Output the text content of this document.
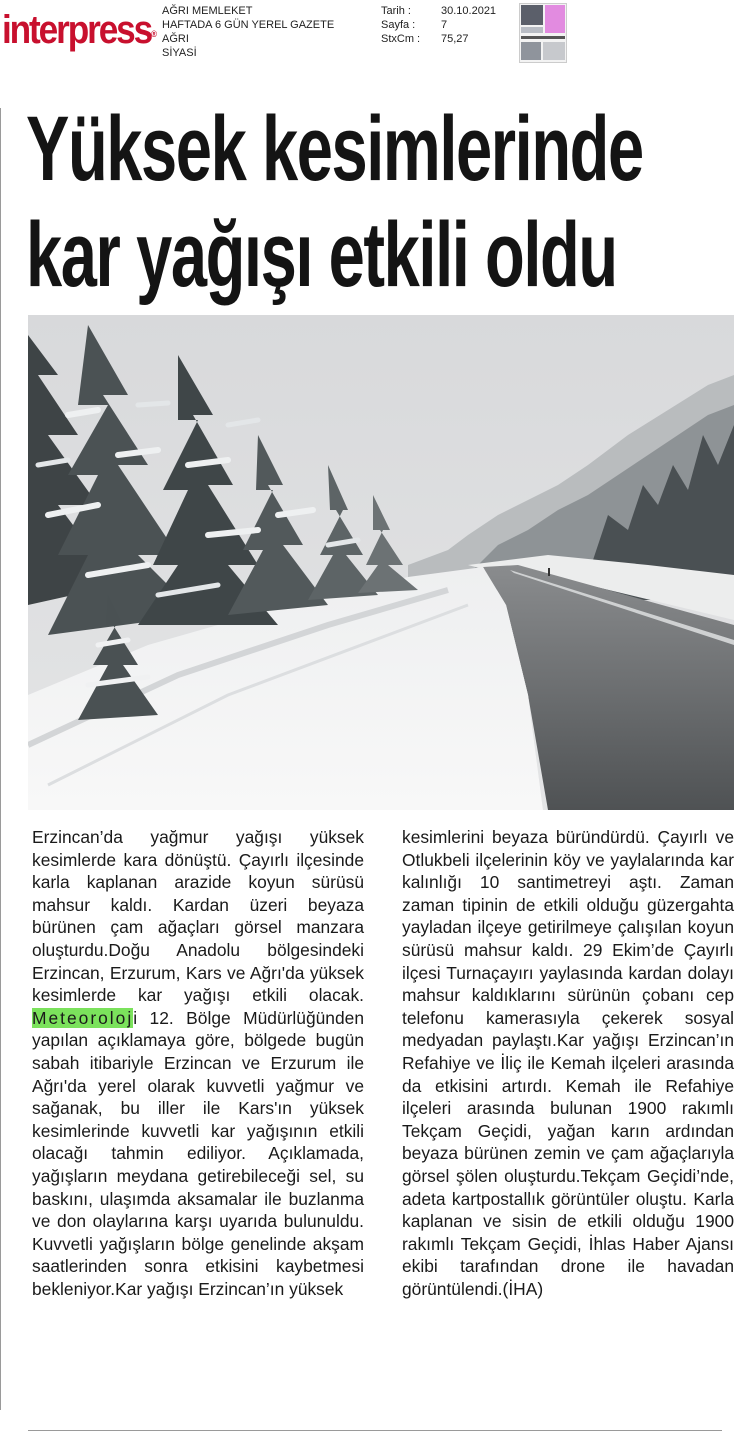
interpress®
AĞRI MEMLEKET
HAFTADA 6 GÜN YEREL GAZETE
AĞRI
SİYASİ
Tarih :	30.10.2021
Sayfa :	7
StxCm :	75,27
Yüksek kesimlerinde
kar yağışı etkili oldu

Erzincan’da yağmur yağışı yüksek kesimlerde kara dönüştü. Çayırlı ilçesinde karla kaplanan arazide koyun sürüsü mahsur kaldı. Kardan üzeri beyaza bürünen çam ağaçları görsel manzara oluşturdu.Doğu Anadolu bölgesindeki Erzincan, Erzurum, Kars ve Ağrı'da yüksek kesimlerde kar yağışı etkili olacak. Meteoroloji 12. Bölge Müdürlüğünden yapılan açıklamaya göre, bölgede bugün sabah itibariyle Erzincan ve Erzurum ile Ağrı'da yerel olarak kuvvetli yağmur ve sağanak, bu iller ile Kars'ın yüksek kesimlerinde kuvvetli kar yağışının etkili olacağı tahmin ediliyor. Açıklamada, yağışların meydana getirebileceği sel, su baskını, ulaşımda aksamalar ile buzlanma ve don olaylarına karşı uyarıda bulunuldu. Kuvvetli yağışların bölge genelinde akşam saatlerinden sonra etkisini kaybetmesi bekleniyor.Kar yağışı Erzincan’ın yüksek

kesimlerini beyaza büründürdü. Çayırlı ve Otlukbeli ilçelerinin köy ve yaylalarında kar kalınlığı 10 santimetreyi aştı. Zaman zaman tipinin de etkili olduğu güzergahta yayladan ilçeye getirilmeye çalışılan koyun sürüsü mahsur kaldı. 29 Ekim’de Çayırlı ilçesi Turnaçayırı yaylasında kardan dolayı mahsur kaldıklarını sürünün çobanı cep telefonu kamerasıyla çekerek sosyal medyadan paylaştı.Kar yağışı Erzincan’ın Refahiye ve İliç ile Kemah ilçeleri arasında da etkisini artırdı. Kemah ile Refahiye ilçeleri arasında bulunan 1900 rakımlı Tekçam Geçidi, yağan karın ardından beyaza bürünen zemin ve çam ağaçlarıyla görsel şölen oluşturdu.Tekçam Geçidi’nde, adeta kartpostallık görüntüler oluştu. Karla kaplanan ve sisin de etkili olduğu 1900 rakımlı Tekçam Geçidi, İhlas Haber Ajansı ekibi tarafından drone ile havadan görüntülendi.(İHA)
